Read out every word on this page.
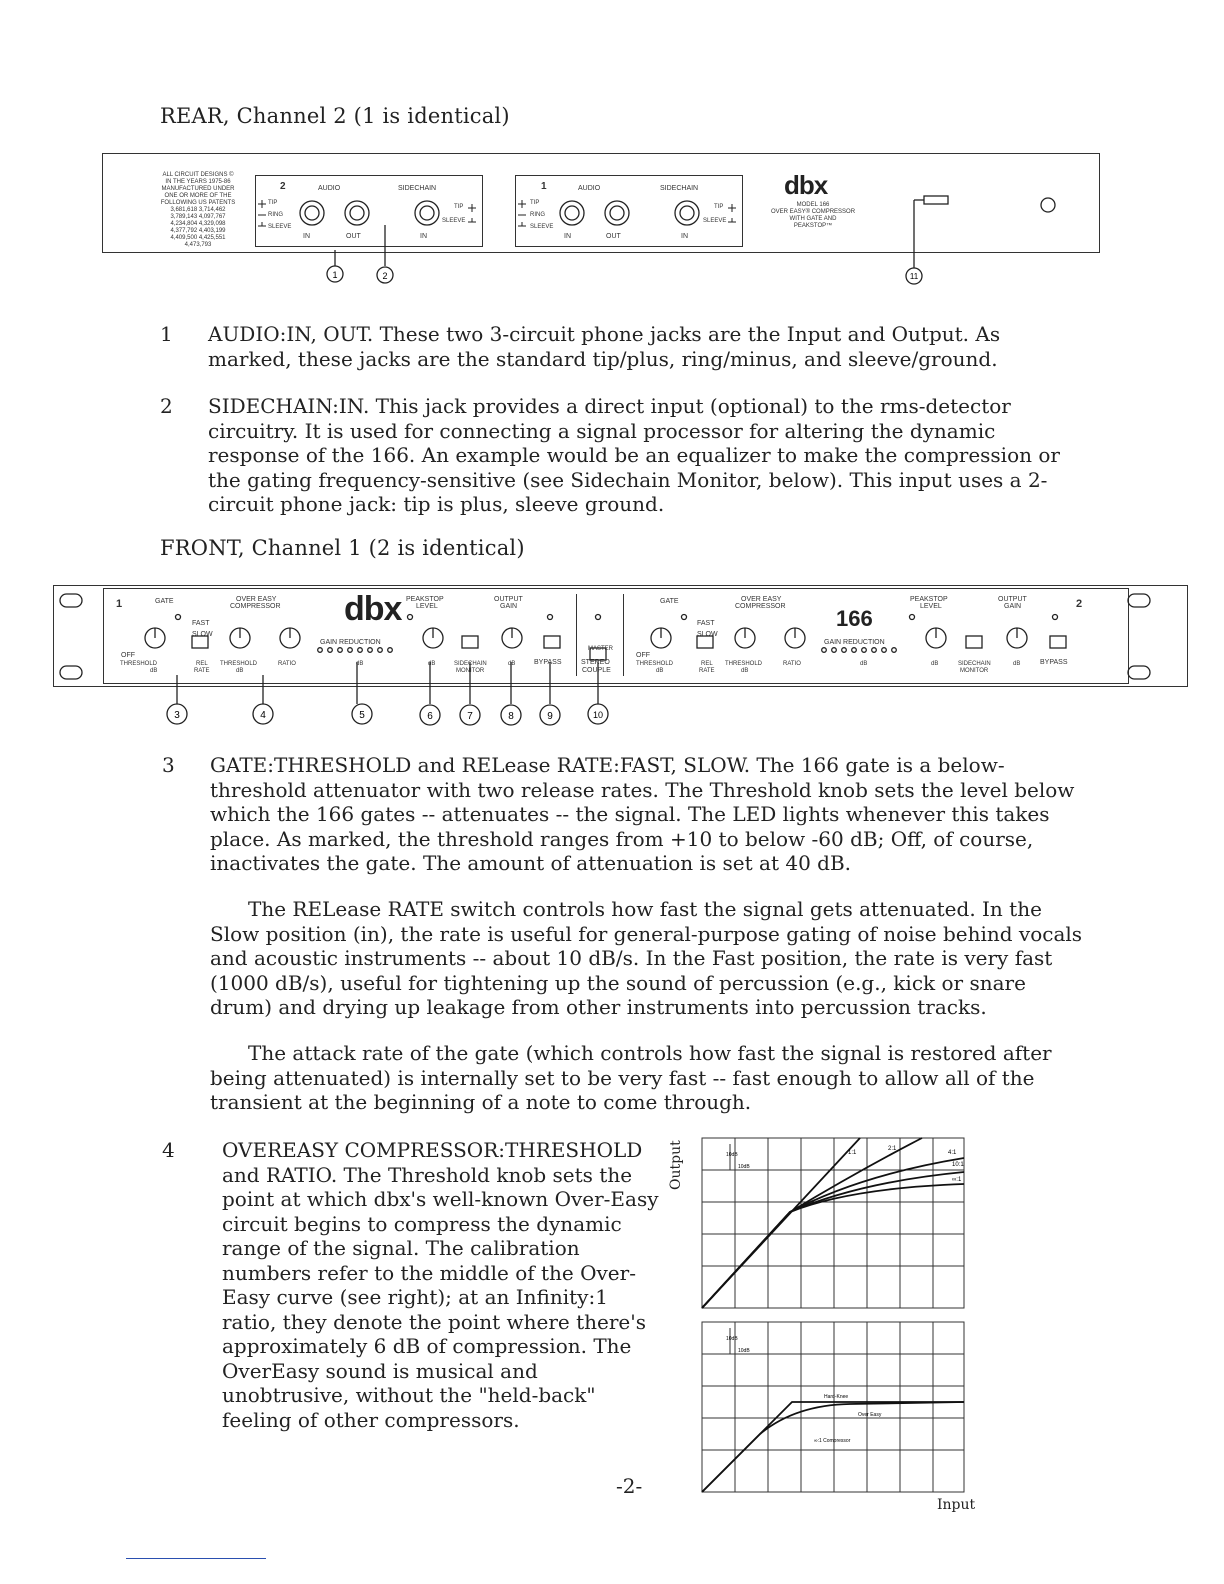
REAR, Channel 2 (1 is identical)
ALL CIRCUIT DESIGNS ©
IN THE YEARS 1975-86
MANUFACTURED UNDER
ONE OR MORE OF THE
FOLLOWING US PATENTS
3,681,618 3,714,462
3,789,143 4,097,767
4,234,804 4,329,098
4,377,792 4,403,199
4,409,500 4,425,551
4,473,793
2	AUDIO	SIDECHAIN
TIP
RING
SLEEVE
TIP
SLEEVE
IN	OUT	IN
1	AUDIO	SIDECHAIN
TIP
RING
SLEEVE
TIP
SLEEVE
IN	OUT	IN
1	2	11
dbx
MODEL 166
OVER EASY® COMPRESSOR
WITH GATE AND
PEAKSTOP™
1 AUDIO:IN, OUT. These two 3-circuit phone jacks are the Input and Output. As marked, these jacks are the standard tip/plus, ring/minus, and sleeve/ground.
2 SIDECHAIN:IN. This jack provides a direct input (optional) to the rms-detector circuitry. It is used for connecting a signal processor for altering the dynamic response of the 166. An example would be an equalizer to make the compression or the gating frequency-sensitive (see Sidechain Monitor, below). This input uses a 2-circuit phone jack: tip is plus, sleeve ground.
FRONT, Channel 1 (2 is identical)
3	4	5	6	7	8	9	10
1	GATE	OVER EASY
COMPRESSOR dbx PEAKSTOP
LEVEL
OUTPUT
GAIN
FAST
SLOW
GAIN REDUCTION
OFF
THRESHOLD
dB
REL
RATE
THRESHOLD
dB
RATIO	dB	dB	SIDECHAIN
MONITOR
dB	BYPASS
MASTER
STEREO
COUPLE
GATE	OVER EASY
COMPRESSOR 166
PEAKSTOP
LEVEL
OUTPUT
GAIN	2
FAST
SLOW
GAIN REDUCTION
OFF
THRESHOLD
dB
REL
RATE
THRESHOLD
dB
RATIO	dB	dB	SIDECHAIN
MONITOR
dB	BYPASS
3 GATE:THRESHOLD and RELease RATE:FAST, SLOW. The 166 gate is a below-threshold attenuator with two release rates. The Threshold knob sets the level below which the 166 gates -- attenuates -- the signal. The LED lights whenever this takes place. As marked, the threshold ranges from +10 to below -60 dB; Off, of course, inactivates the gate. The amount of attenuation is set at 40 dB.
The RELease RATE switch controls how fast the signal gets attenuated. In the Slow position (in), the rate is useful for general-purpose gating of noise behind vocals and acoustic instruments -- about 10 dB/s. In the Fast position, the rate is very fast (1000 dB/s), useful for tightening up the sound of percussion (e.g., kick or snare drum) and drying up leakage from other instruments into percussion tracks.
The attack rate of the gate (which controls how fast the signal is restored after being attenuated) is internally set to be very fast -- fast enough to allow all of the transient at the beginning of a note to come through.
4 OVEREASY COMPRESSOR:THRESHOLD and RATIO. The Threshold knob sets the point at which dbx's well-known Over-Easy circuit begins to compress the dynamic range of the signal. The calibration numbers refer to the middle of the Over-Easy curve (see right); at an Infinity:1 ratio, they denote the point where there's approximately 6 dB of compression. The OverEasy sound is musical and unobtrusive, without the "held-back" feeling of other compressors.
Output	1:1
2:1
4:1
10:1
∞:1
10dB
10dB
10dB
10dB
Hard-Knee
Over Easy
∞:1 Compressor
Input
-2-
